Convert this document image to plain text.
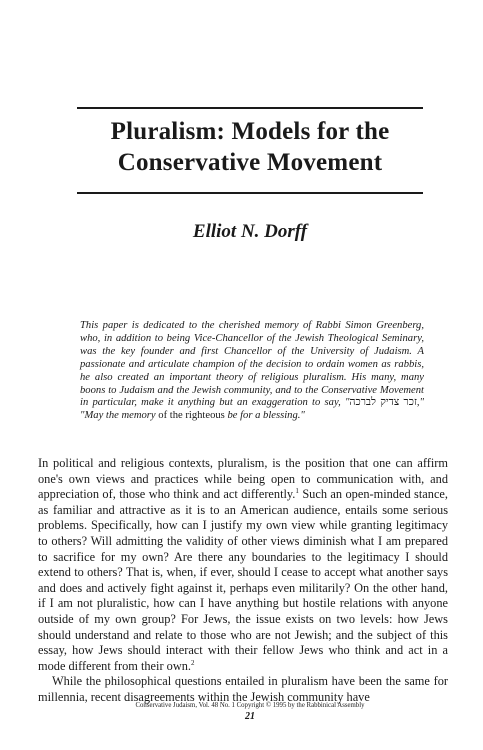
Pluralism: Models for the
Conservative Movement
Elliot N. Dorff
This paper is dedicated to the cherished memory of Rabbi Simon Greenberg, who, in addition to being Vice-Chancellor of the Jewish Theological Seminary, was the key founder and first Chancellor of the University of Judaism. A passionate and articulate champion of the decision to ordain women as rabbis, he also created an important theory of religious pluralism. His many, many boons to Judaism and the Jewish community, and to the Conservative Movement in particular, make it anything but an exaggeration to say, "זכר צדיק לברכה," "May the memory of the righteous be for a blessing."

In political and religious contexts, pluralism, is the position that one can affirm one's own views and practices while being open to communication with, and appreciation of, those who think and act differently.$^1$ Such an open-minded stance, as familiar and attractive as it is to an American audience, entails some serious problems. Specifically, how can I justify my own view while granting legitimacy to others? Will admitting the validity of other views diminish what I am prepared to sacrifice for my own? Are there any boundaries to the legitimacy I should extend to others? That is, when, if ever, should I cease to accept what another says and does and actively fight against it, perhaps even militarily? On the other hand, if I am not pluralistic, how can I have anything but hostile relations with anyone outside of my own group? For Jews, the issue exists on two levels: how Jews should understand and relate to those who are not Jewish; and the subject of this essay, how Jews should interact with their fellow Jews who think and act in a mode different from their own.$^2$

While the philosophical questions entailed in pluralism have been the same for millennia, recent disagreements within the Jewish community have

Conservative Judaism, Vol. 48 No. 1 Copyright © 1995 by the Rabbinical Assembly
21
